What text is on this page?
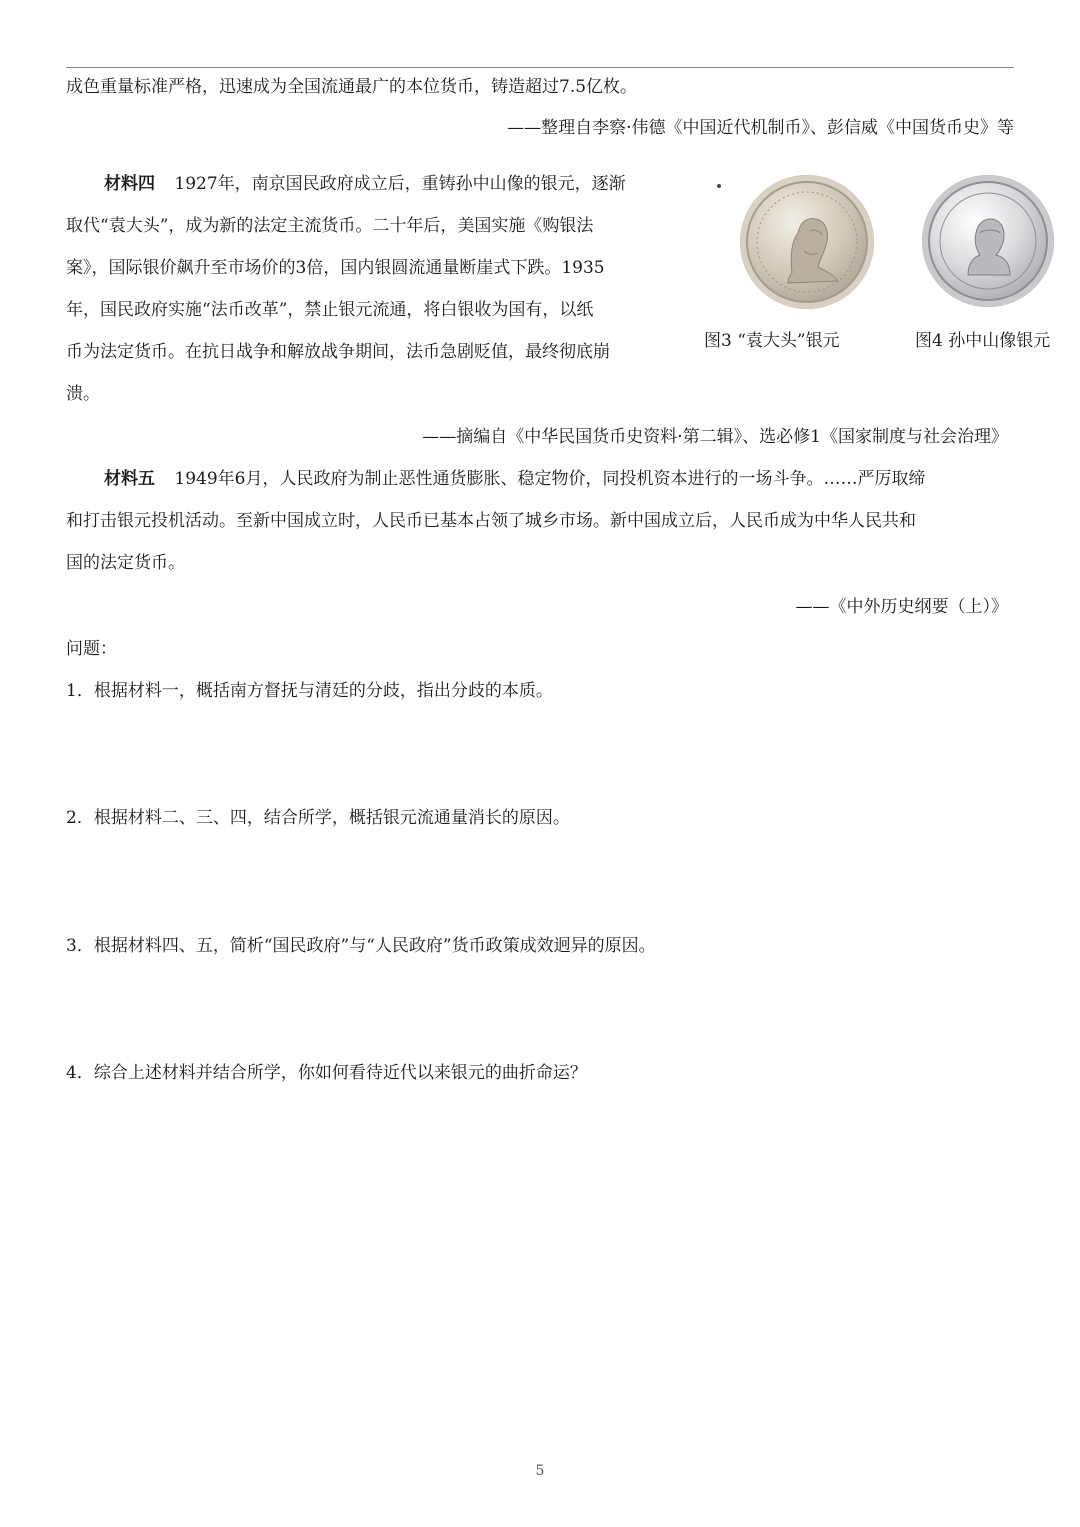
成色重量标准严格，迅速成为全国流通最广的本位货币，铸造超过7.5亿枚。
——整理自李察·伟德《中国近代机制币》、彭信威《中国货币史》等
材料四 1927年，南京国民政府成立后，重铸孙中山像的银元，逐渐
取代“袁大头”，成为新的法定主流货币。二十年后，美国实施《购银法
案》，国际银价飙升至市场价的3倍，国内银圆流通量断崖式下跌。1935
年，国民政府实施“法币改革”，禁止银元流通，将白银收为国有，以纸
币为法定货币。在抗日战争和解放战争期间，法币急剧贬值，最终彻底崩
溃。
图3 “袁大头”银元	图4 孙中山像银元
——摘编自《中华民国货币史资料·第二辑》、选必修1《国家制度与社会治理》
材料五 1949年6月，人民政府为制止恶性通货膨胀、稳定物价，同投机资本进行的一场斗争。……严厉取缔
和打击银元投机活动。至新中国成立时，人民币已基本占领了城乡市场。新中国成立后，人民币成为中华人民共和
国的法定货币。
——《中外历史纲要（上）》
问题：
1．根据材料一，概括南方督抚与清廷的分歧，指出分歧的本质。
2．根据材料二、三、四，结合所学，概括银元流通量消长的原因。
3．根据材料四、五，简析“国民政府”与“人民政府”货币政策成效迥异的原因。
4．综合上述材料并结合所学，你如何看待近代以来银元的曲折命运？
5
